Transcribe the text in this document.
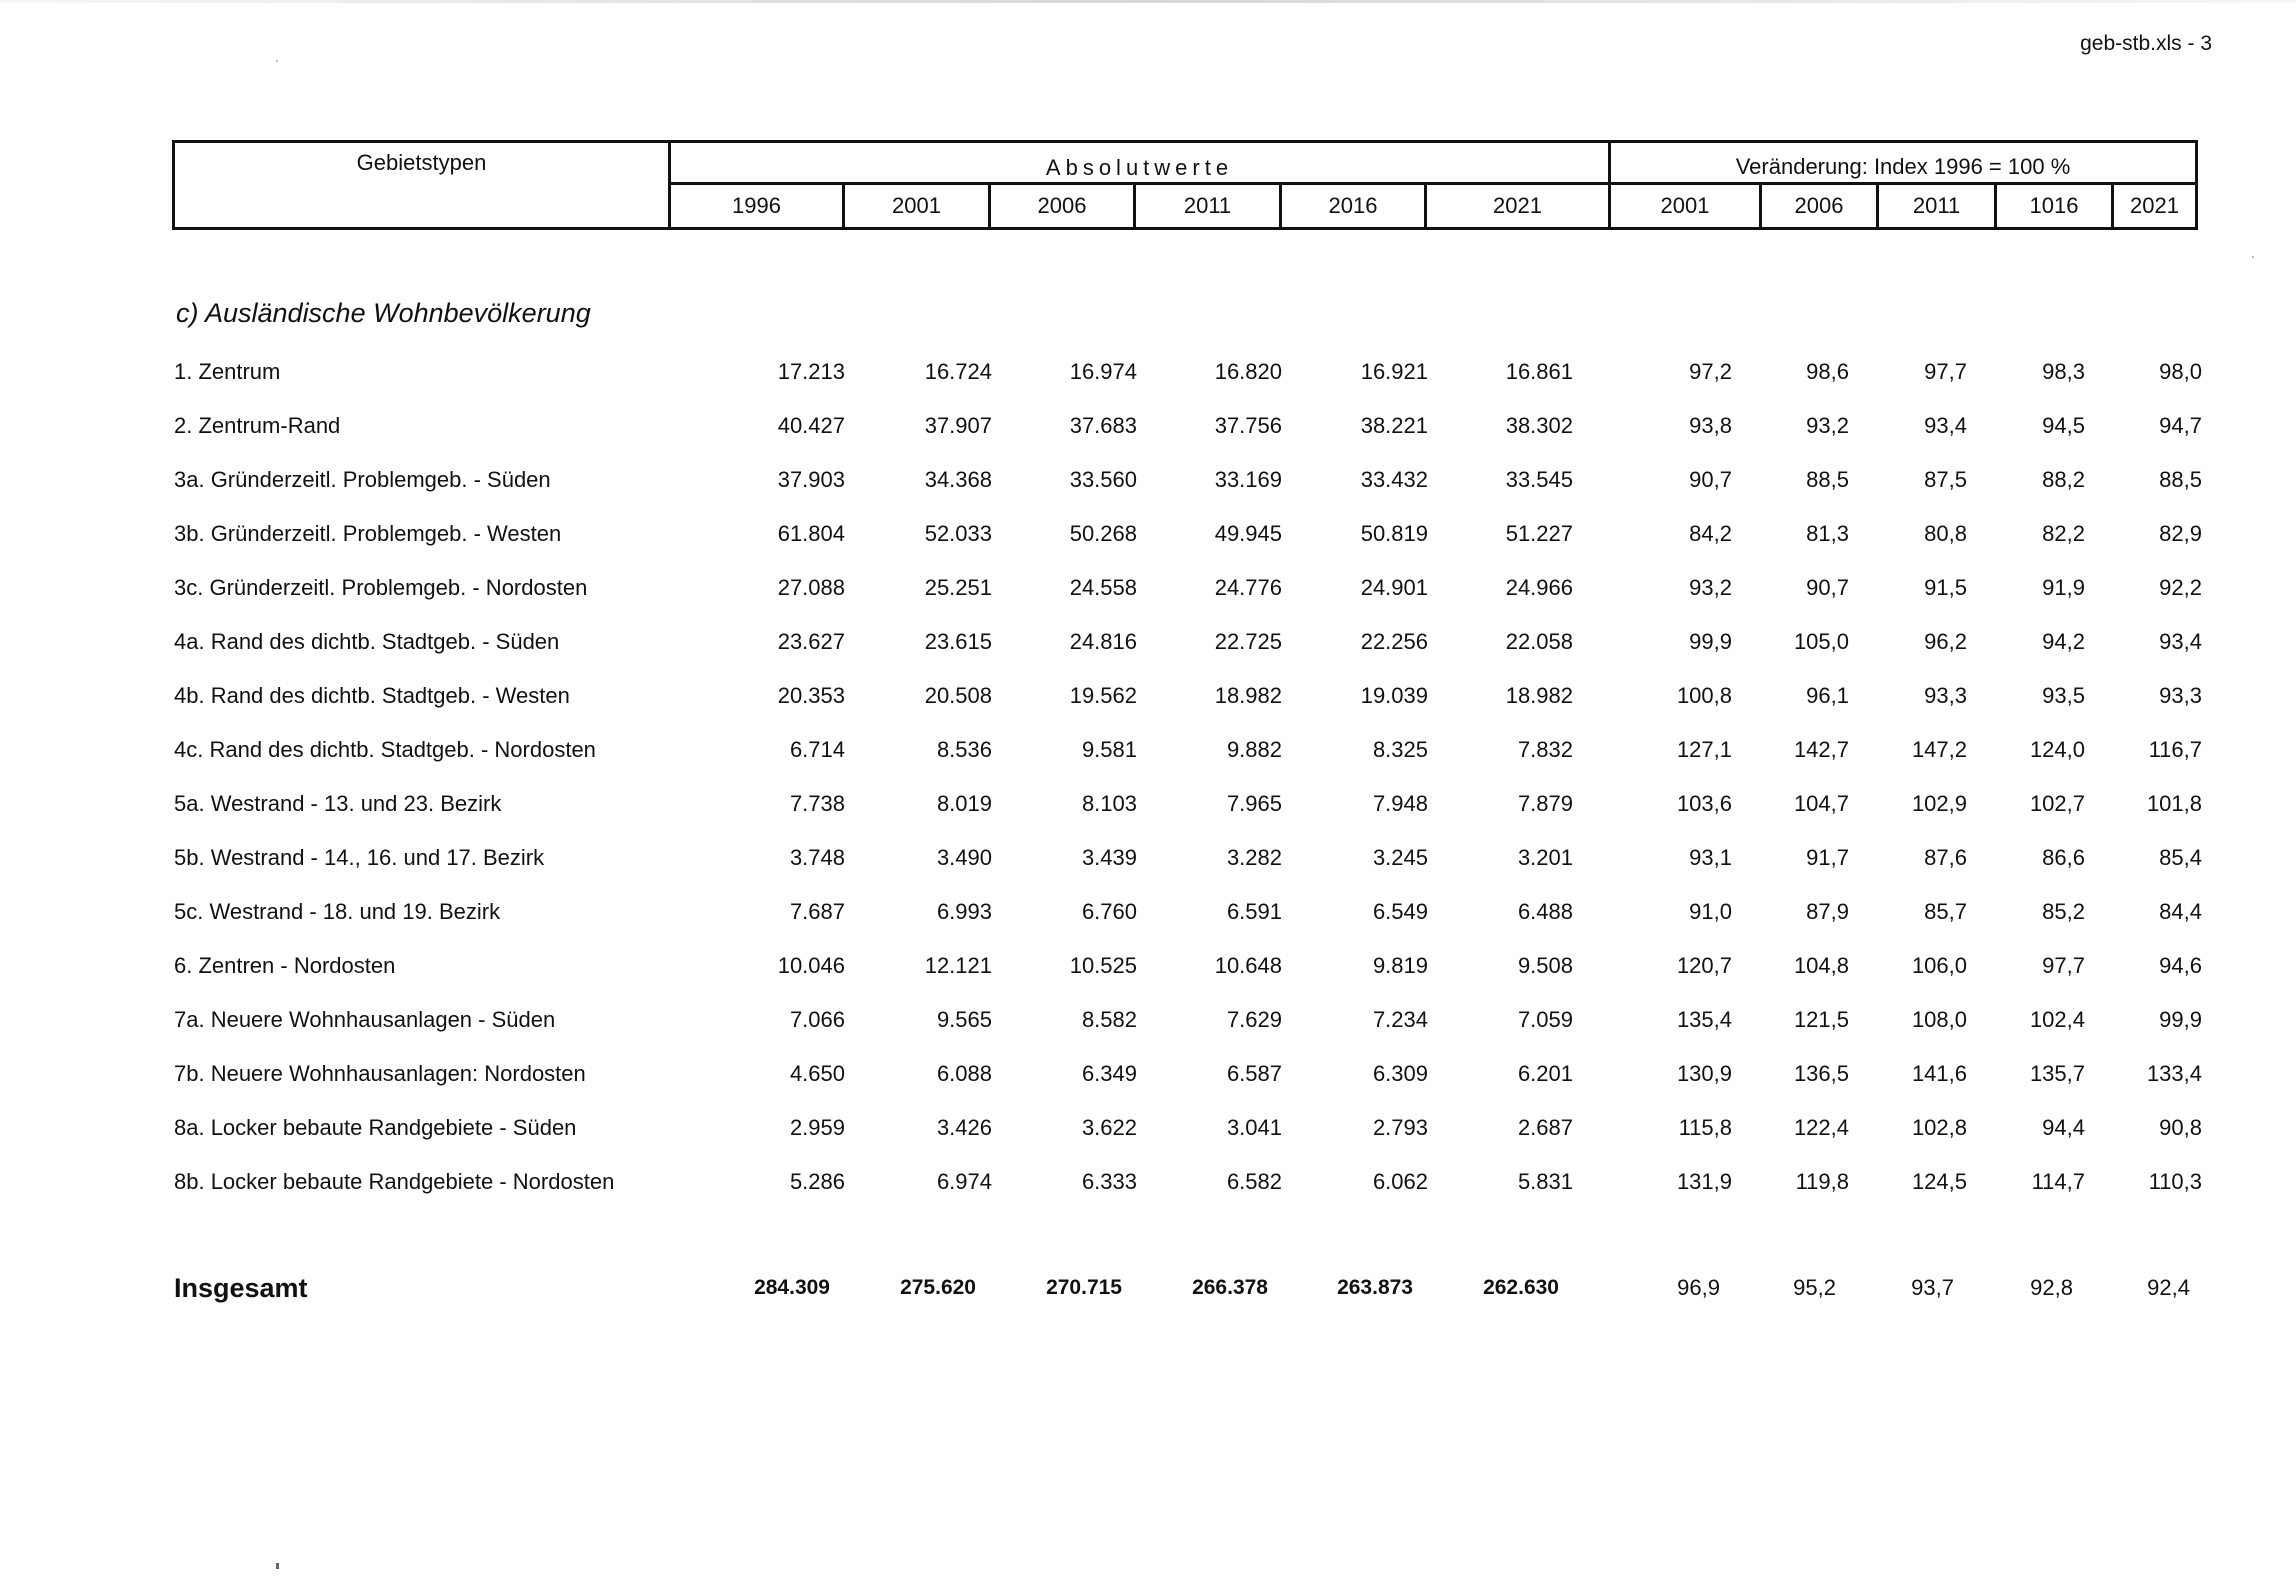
geb-stb.xls - 3
Gebietstypen	Absolutwerte	Veränderung: Index 1996 = 100 %
1996	2001	2006	2011	2016	2021	2001	2006	2011	1016	2021
c) Ausländische Wohnbevölkerung
1. Zentrum	17.213	16.724	16.974	16.820	16.921	16.861	97,2	98,6	97,7	98,3	98,0
2. Zentrum-Rand	40.427	37.907	37.683	37.756	38.221	38.302	93,8	93,2	93,4	94,5	94,7
3a. Gründerzeitl. Problemgeb. - Süden	37.903	34.368	33.560	33.169	33.432	33.545	90,7	88,5	87,5	88,2	88,5
3b. Gründerzeitl. Problemgeb. - Westen	61.804	52.033	50.268	49.945	50.819	51.227	84,2	81,3	80,8	82,2	82,9
3c. Gründerzeitl. Problemgeb. - Nordosten	27.088	25.251	24.558	24.776	24.901	24.966	93,2	90,7	91,5	91,9	92,2
4a. Rand des dichtb. Stadtgeb. - Süden	23.627	23.615	24.816	22.725	22.256	22.058	99,9	105,0	96,2	94,2	93,4
4b. Rand des dichtb. Stadtgeb. - Westen	20.353	20.508	19.562	18.982	19.039	18.982	100,8	96,1	93,3	93,5	93,3
4c. Rand des dichtb. Stadtgeb. - Nordosten	6.714	8.536	9.581	9.882	8.325	7.832	127,1	142,7	147,2	124,0	116,7
5a. Westrand - 13. und 23. Bezirk	7.738	8.019	8.103	7.965	7.948	7.879	103,6	104,7	102,9	102,7	101,8
5b. Westrand - 14., 16. und 17. Bezirk	3.748	3.490	3.439	3.282	3.245	3.201	93,1	91,7	87,6	86,6	85,4
5c. Westrand - 18. und 19. Bezirk	7.687	6.993	6.760	6.591	6.549	6.488	91,0	87,9	85,7	85,2	84,4
6. Zentren - Nordosten	10.046	12.121	10.525	10.648	9.819	9.508	120,7	104,8	106,0	97,7	94,6
7a. Neuere Wohnhausanlagen - Süden	7.066	9.565	8.582	7.629	7.234	7.059	135,4	121,5	108,0	102,4	99,9
7b. Neuere Wohnhausanlagen: Nordosten	4.650	6.088	6.349	6.587	6.309	6.201	130,9	136,5	141,6	135,7	133,4
8a. Locker bebaute Randgebiete - Süden	2.959	3.426	3.622	3.041	2.793	2.687	115,8	122,4	102,8	94,4	90,8
8b. Locker bebaute Randgebiete - Nordosten	5.286	6.974	6.333	6.582	6.062	5.831	131,9	119,8	124,5	114,7	110,3
Insgesamt	284.309	275.620	270.715	266.378	263.873	262.630	96,9	95,2	93,7	92,8	92,4
